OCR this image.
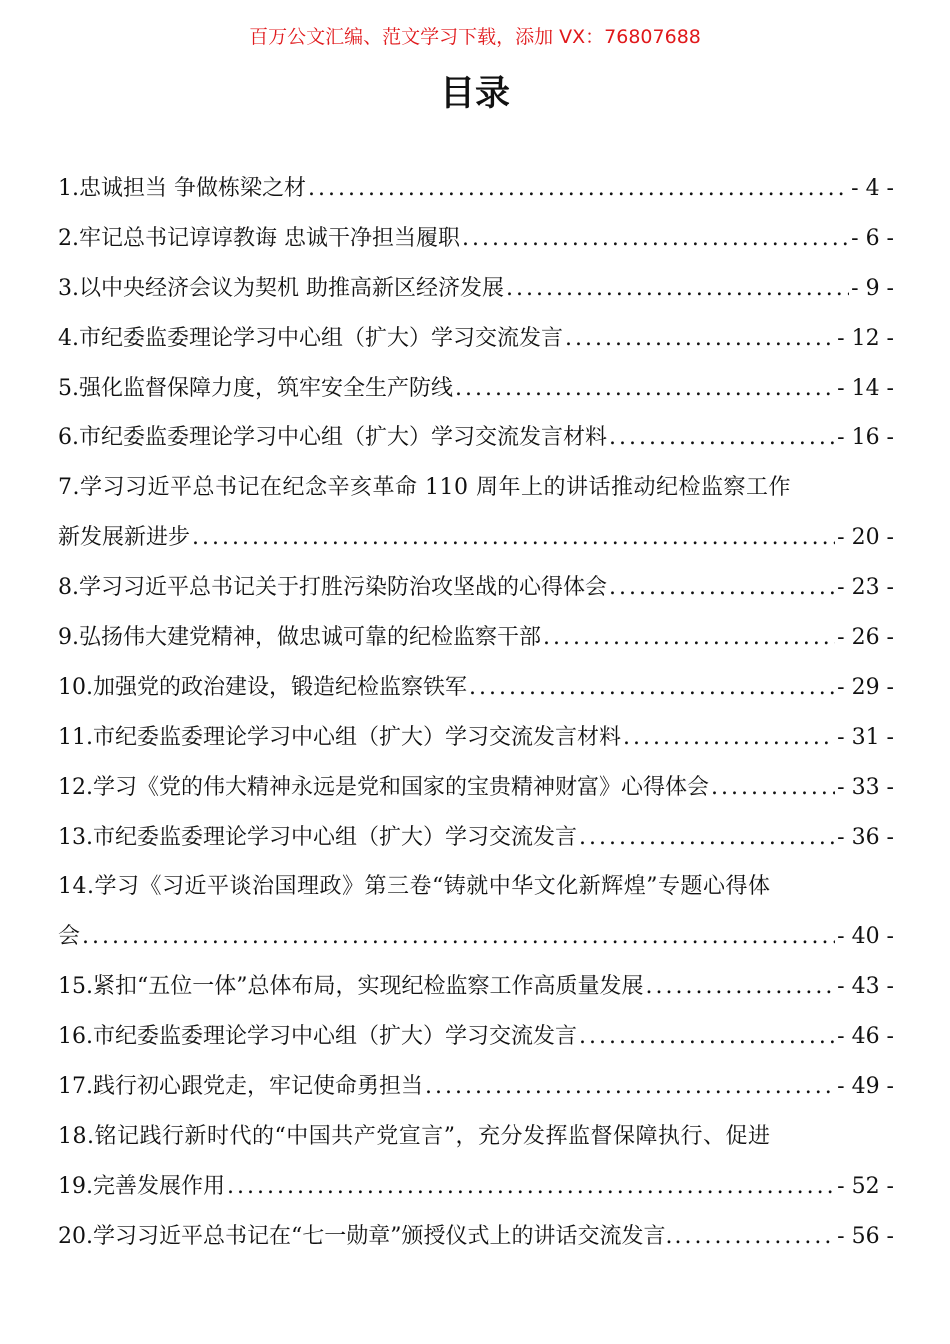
百万公文汇编、范文学习下载，添加 VX：76807688
目录
1.忠诚担当 争做栋梁之材 .....	- 4 -
2.牢记总书记谆谆教诲 忠诚干净担当履职 .....	- 6 -
3.以中央经济会议为契机 助推高新区经济发展 .....	- 9 -
4.市纪委监委理论学习中心组（扩大）学习交流发言 .....	- 12 -
5.强化监督保障力度，筑牢安全生产防线 .....	- 14 -
6.市纪委监委理论学习中心组（扩大）学习交流发言材料 .....	- 16 -
7.学习习近平总书记在纪念辛亥革命 110 周年上的讲话推动纪检监察工作
新发展新进步 .....	- 20 -
8.学习习近平总书记关于打胜污染防治攻坚战的心得体会 .....	- 23 -
9.弘扬伟大建党精神，做忠诚可靠的纪检监察干部 .....	- 26 -
10.加强党的政治建设，锻造纪检监察铁军 .....	- 29 -
11.市纪委监委理论学习中心组（扩大）学习交流发言材料 .....	- 31 -
12.学习《党的伟大精神永远是党和国家的宝贵精神财富》心得体会 .....	- 33 -
13.市纪委监委理论学习中心组（扩大）学习交流发言 .....	- 36 -
14.学习《习近平谈治国理政》第三卷“铸就中华文化新辉煌”专题心得体
会 .....	- 40 -
15.紧扣“五位一体”总体布局，实现纪检监察工作高质量发展 .....	- 43 -
16.市纪委监委理论学习中心组（扩大）学习交流发言 .....	- 46 -
17.践行初心跟党走，牢记使命勇担当 .....	- 49 -
18.铭记践行新时代的“中国共产党宣言”，充分发挥监督保障执行、促进
19.完善发展作用 .....	- 52 -
20.学习习近平总书记在“七一勋章”颁授仪式上的讲话交流发言. .....	- 56 -
